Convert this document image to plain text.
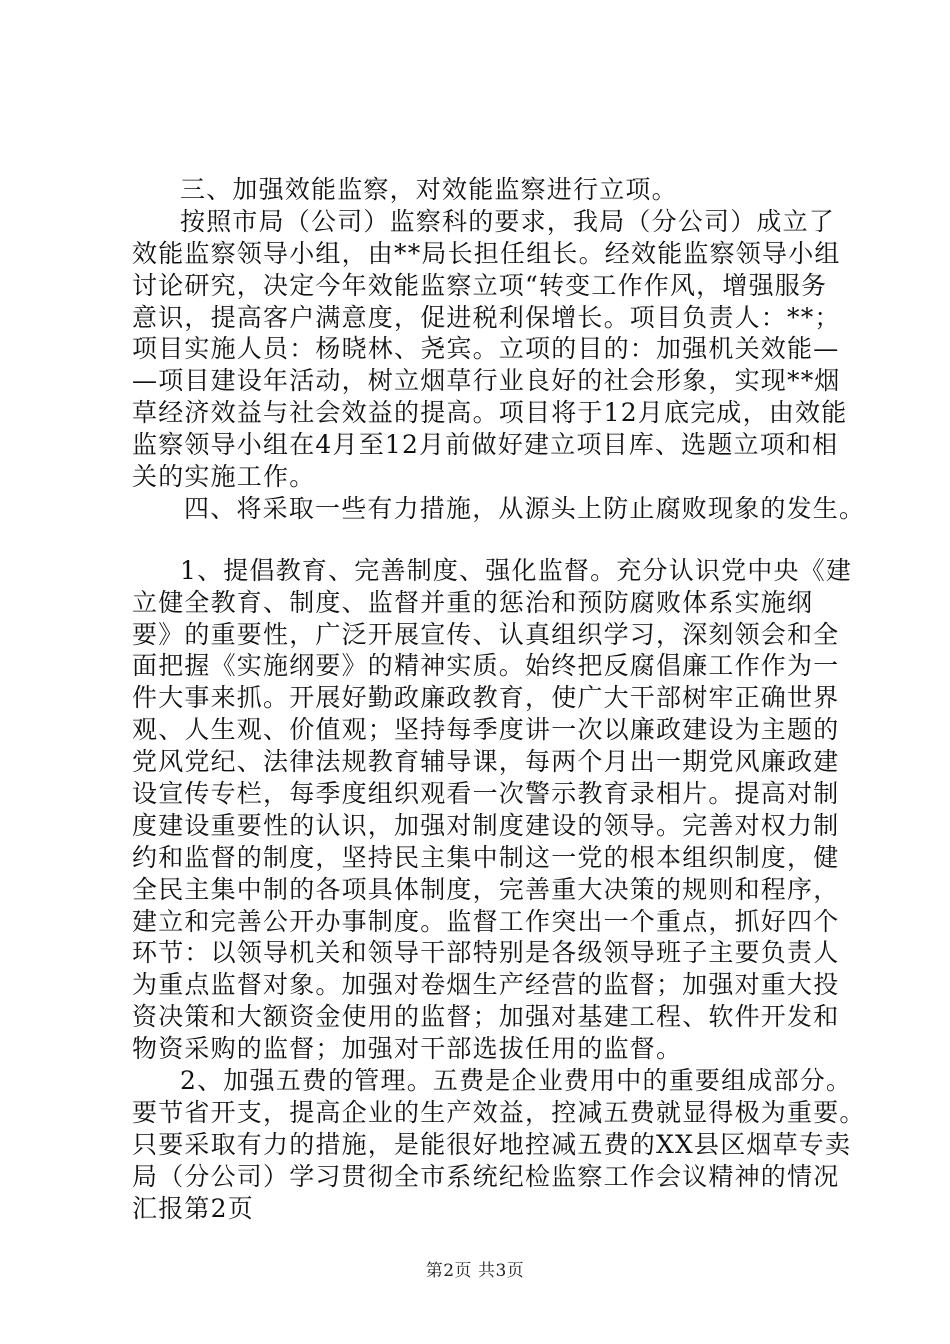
三、加强效能监察，对效能监察进行立项。
按照市局（公司）监察科的要求，我局（分公司）成立了
效能监察领导小组，由**局长担任组长。经效能监察领导小组
讨论研究，决定今年效能监察立项“转变工作作风，增强服务
意识，提高客户满意度，促进税利保增长。项目负责人：**；
项目实施人员：杨晓林、尧宾。立项的目的：加强机关效能—
—项目建设年活动，树立烟草行业良好的社会形象，实现**烟
草经济效益与社会效益的提高。项目将于12月底完成，由效能
监察领导小组在4月至12月前做好建立项目库、选题立项和相
关的实施工作。
四、将采取一些有力措施，从源头上防止腐败现象的发生。
1、提倡教育、完善制度、强化监督。充分认识党中央《建
立健全教育、制度、监督并重的惩治和预防腐败体系实施纲
要》的重要性，广泛开展宣传、认真组织学习，深刻领会和全
面把握《实施纲要》的精神实质。始终把反腐倡廉工作作为一
件大事来抓。开展好勤政廉政教育，使广大干部树牢正确世界
观、人生观、价值观；坚持每季度讲一次以廉政建设为主题的
党风党纪、法律法规教育辅导课，每两个月出一期党风廉政建
设宣传专栏，每季度组织观看一次警示教育录相片。提高对制
度建设重要性的认识，加强对制度建设的领导。完善对权力制
约和监督的制度，坚持民主集中制这一党的根本组织制度，健
全民主集中制的各项具体制度，完善重大决策的规则和程序，
建立和完善公开办事制度。监督工作突出一个重点，抓好四个
环节：以领导机关和领导干部特别是各级领导班子主要负责人
为重点监督对象。加强对卷烟生产经营的监督；加强对重大投
资决策和大额资金使用的监督；加强对基建工程、软件开发和
物资采购的监督；加强对干部选拔任用的监督。
2、加强五费的管理。五费是企业费用中的重要组成部分。
要节省开支，提高企业的生产效益，控减五费就显得极为重要。
只要采取有力的措施，是能很好地控减五费的XX县区烟草专卖
局（分公司）学习贯彻全市系统纪检监察工作会议精神的情况
汇报第2页
第2页 共3页
